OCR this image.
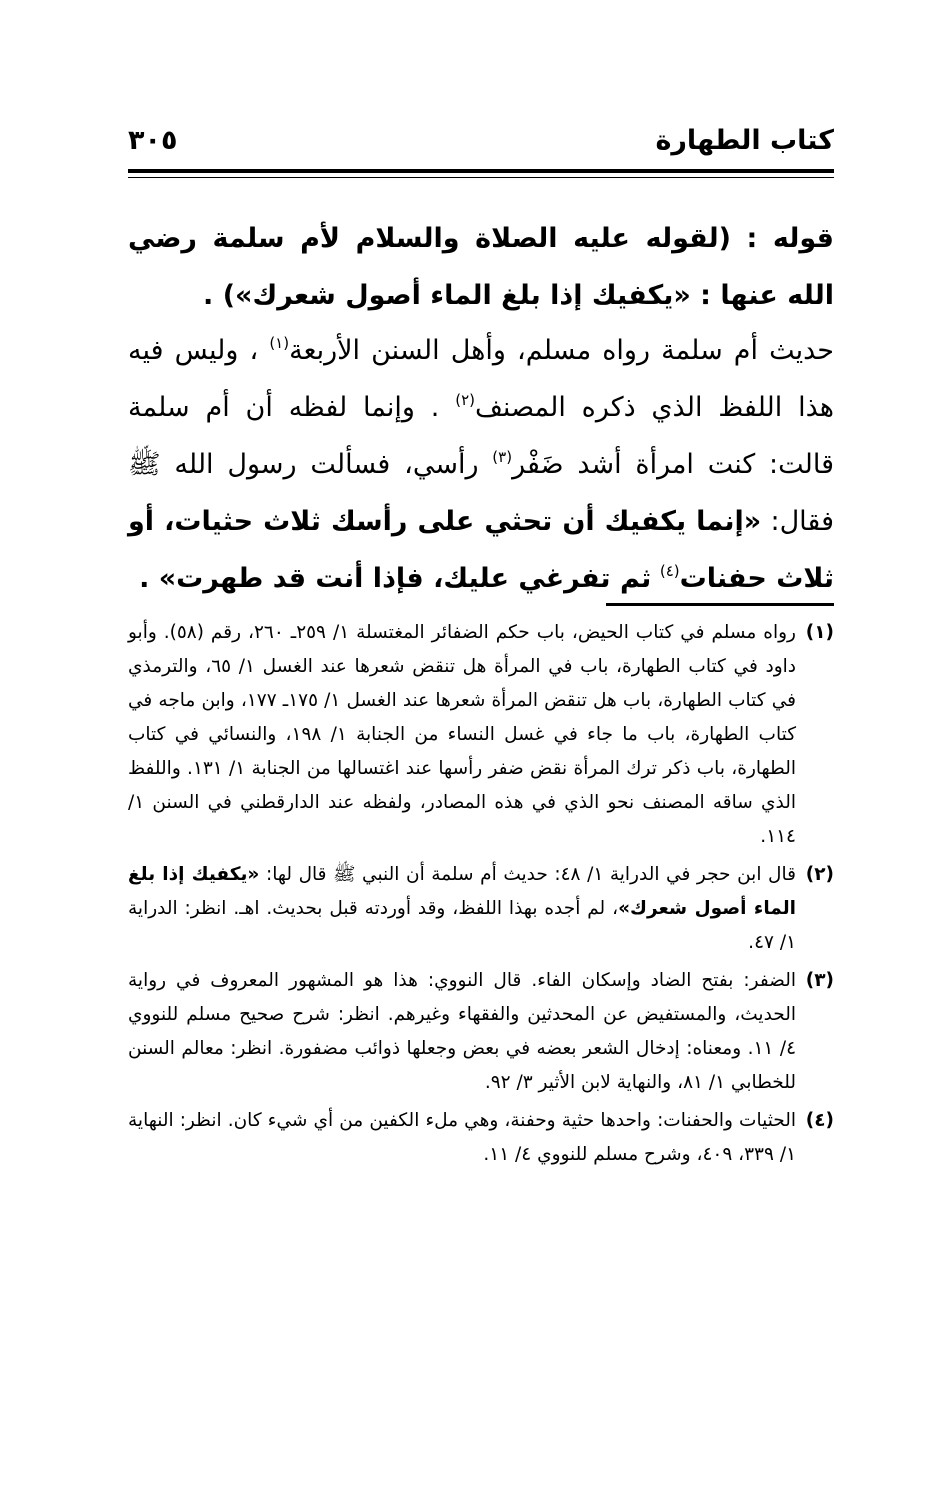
كتاب الطهارة
٣٠٥

قوله : (لقوله عليه الصلاة والسلام لأم سلمة رضي الله عنها : «يكفيك إذا بلغ الماء أصول شعرك») .

حديث أم سلمة رواه مسلم، وأهل السنن الأربعة$^{(١)}$ ، وليس فيه هذا اللفظ الذي ذكره المصنف$^{(٢)}$ . وإنما لفظه أن أم سلمة قالت: كنت امرأة أشد ضَفْر$^{(٣)}$ رأسي، فسألت رسول الله ﷺ فقال: «إنما يكفيك أن تحثي على رأسك ثلاث حثيات، أو ثلاث حفنات$^{(٤)}$ ثم تفرغي عليك، فإذا أنت قد طهرت» .

(١)
رواه مسلم في كتاب الحيض، باب حكم الضفائر المغتسلة ١/ ٢٥٩ـ ٢٦٠، رقم (٥٨). وأبو داود في كتاب الطهارة، باب في المرأة هل تنقض شعرها عند الغسل ١/ ٦٥، والترمذي في كتاب الطهارة، باب هل تنقض المرأة شعرها عند الغسل ١/ ١٧٥ـ ١٧٧، وابن ماجه في كتاب الطهارة، باب ما جاء في غسل النساء من الجنابة ١/ ١٩٨، والنسائي في كتاب الطهارة، باب ذكر ترك المرأة نقض ضفر رأسها عند اغتسالها من الجنابة ١/ ١٣١. واللفظ الذي ساقه المصنف نحو الذي في هذه المصادر، ولفظه عند الدارقطني في السنن ١/ ١١٤.
(٢)
قال ابن حجر في الدراية ١/ ٤٨: حديث أم سلمة أن النبي ﷺ قال لها: «يكفيك إذا بلغ الماء أصول شعرك»، لم أجده بهذا اللفظ، وقد أوردته قبل بحديث. اهـ. انظر: الدراية ١/ ٤٧.
(٣)
الضفر: بفتح الضاد وإسكان الفاء. قال النووي: هذا هو المشهور المعروف في رواية الحديث، والمستفيض عن المحدثين والفقهاء وغيرهم. انظر: شرح صحيح مسلم للنووي ٤/ ١١. ومعناه: إدخال الشعر بعضه في بعض وجعلها ذوائب مضفورة. انظر: معالم السنن للخطابي ١/ ٨١، والنهاية لابن الأثير ٣/ ٩٢.
(٤)
الحثيات والحفنات: واحدها حثية وحفنة، وهي ملء الكفين من أي شيء كان. انظر: النهاية ١/ ٣٣٩، ٤٠٩، وشرح مسلم للنووي ٤/ ١١.
